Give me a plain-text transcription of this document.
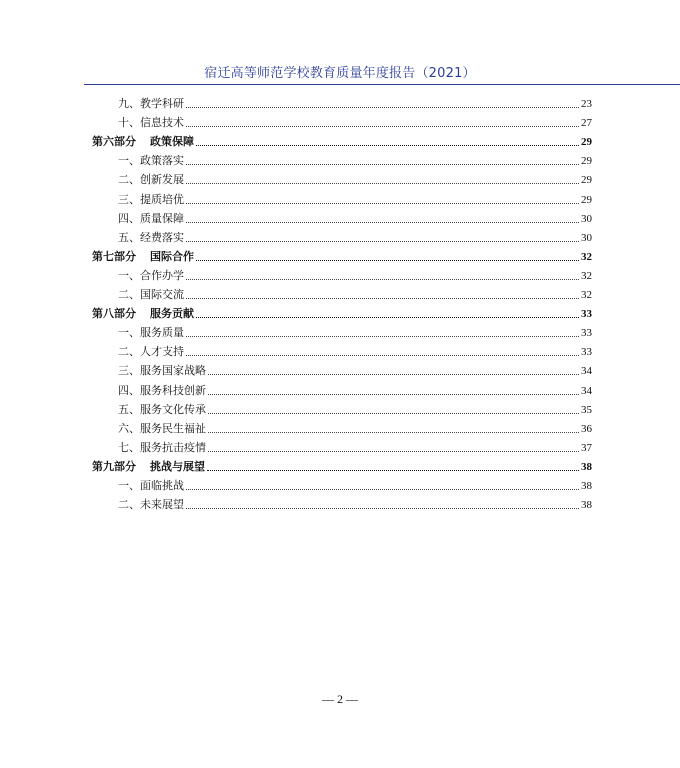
宿迁高等师范学校教育质量年度报告（2021）
九、教学科研	23
十、信息技术	27
第六部分 政策保障	29
一、政策落实	29
二、创新发展	29
三、提质培优	29
四、质量保障	30
五、经费落实	30
第七部分 国际合作	32
一、合作办学	32
二、国际交流	32
第八部分 服务贡献	33
一、服务质量	33
二、人才支持	33
三、服务国家战略	34
四、服务科技创新	34
五、服务文化传承	35
六、服务民生福祉	36
七、服务抗击疫情	37
第九部分 挑战与展望	38
一、面临挑战	38
二、未来展望	38
— 2 —
